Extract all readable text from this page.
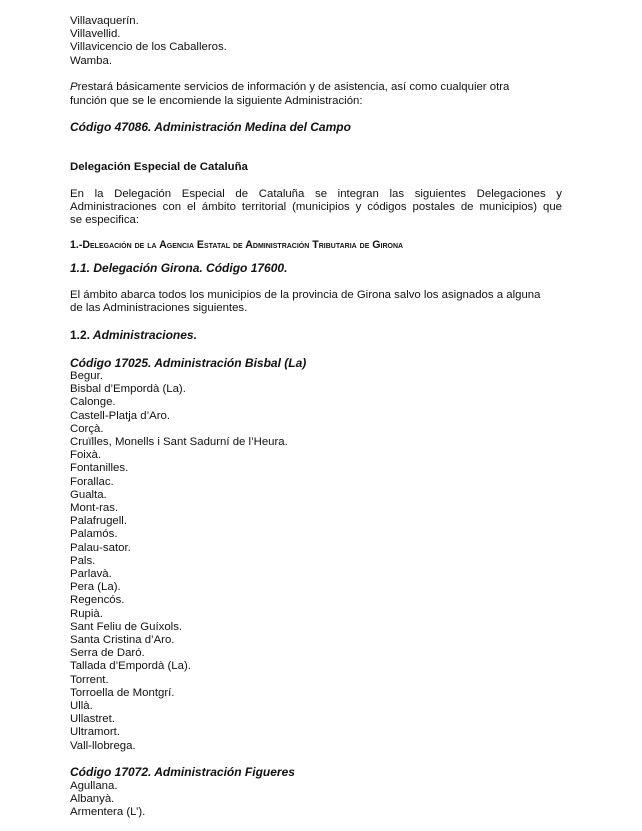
Villavaquerín.
Villavellid.
Villavicencio de los Caballeros.
Wamba.
Prestará básicamente servicios de información y de asistencia, así como cualquier otra
función que se le encomiende la siguiente Administración:
Código 47086. Administración Medina del Campo
Delegación Especial de Cataluña
En la Delegación Especial de Cataluña se integran las siguientes Delegaciones y
Administraciones con el ámbito territorial (municipios y códigos postales de municipios) que
se especifica:
1.-Delegación de la Agencia Estatal de Administración Tributaria de Girona
1.1. Delegación Girona. Código 17600.
El ámbito abarca todos los municipios de la provincia de Girona salvo los asignados a alguna
de las Administraciones siguientes.
1.2. Administraciones.
Código 17025. Administración Bisbal (La)
Begur.
Bisbal d’Empordà (La).
Calonge.
Castell-Platja d’Aro.
Corçà.
Cruïlles, Monells i Sant Sadurní de l’Heura.
Foixà.
Fontanilles.
Forallac.
Gualta.
Mont-ras.
Palafrugell.
Palamós.
Palau-sator.
Pals.
Parlavà.
Pera (La).
Regencós.
Rupià.
Sant Feliu de Guíxols.
Santa Cristina d’Aro.
Serra de Daró.
Tallada d’Empordà (La).
Torrent.
Torroella de Montgrí.
Ullà.
Ullastret.
Ultramort.
Vall-llobrega.
Código 17072. Administración Figueres
Agullana.
Albanyà.
Armentera (L’).
